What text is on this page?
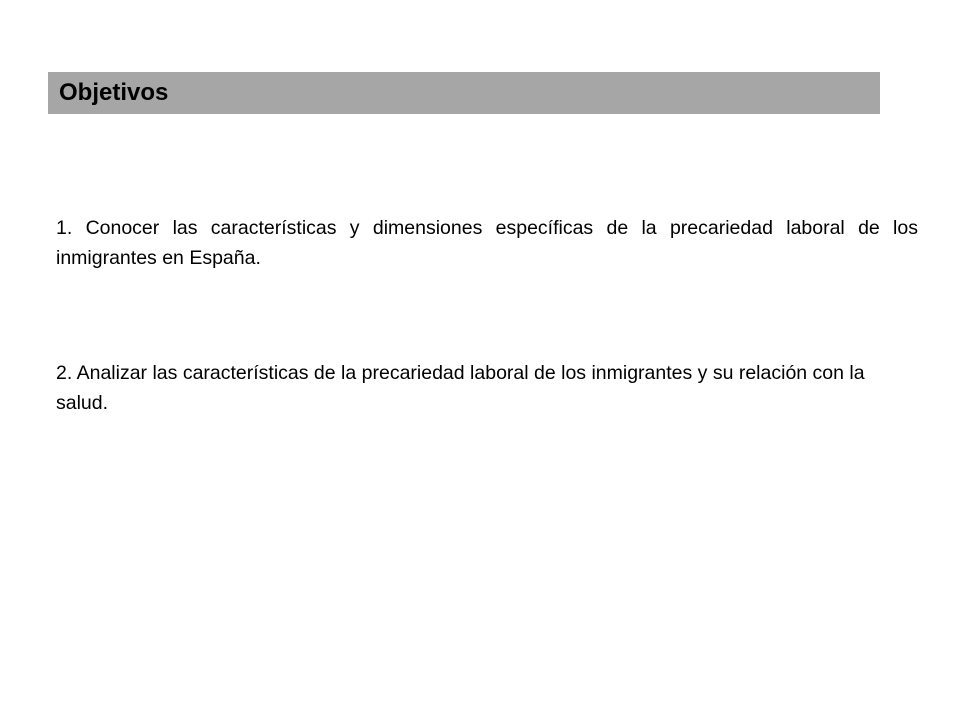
Objetivos

1. Conocer las características y dimensiones específicas de la precariedad laboral de los inmigrantes en España.

2. Analizar las características de la precariedad laboral de los inmigrantes y su relación con la salud.
